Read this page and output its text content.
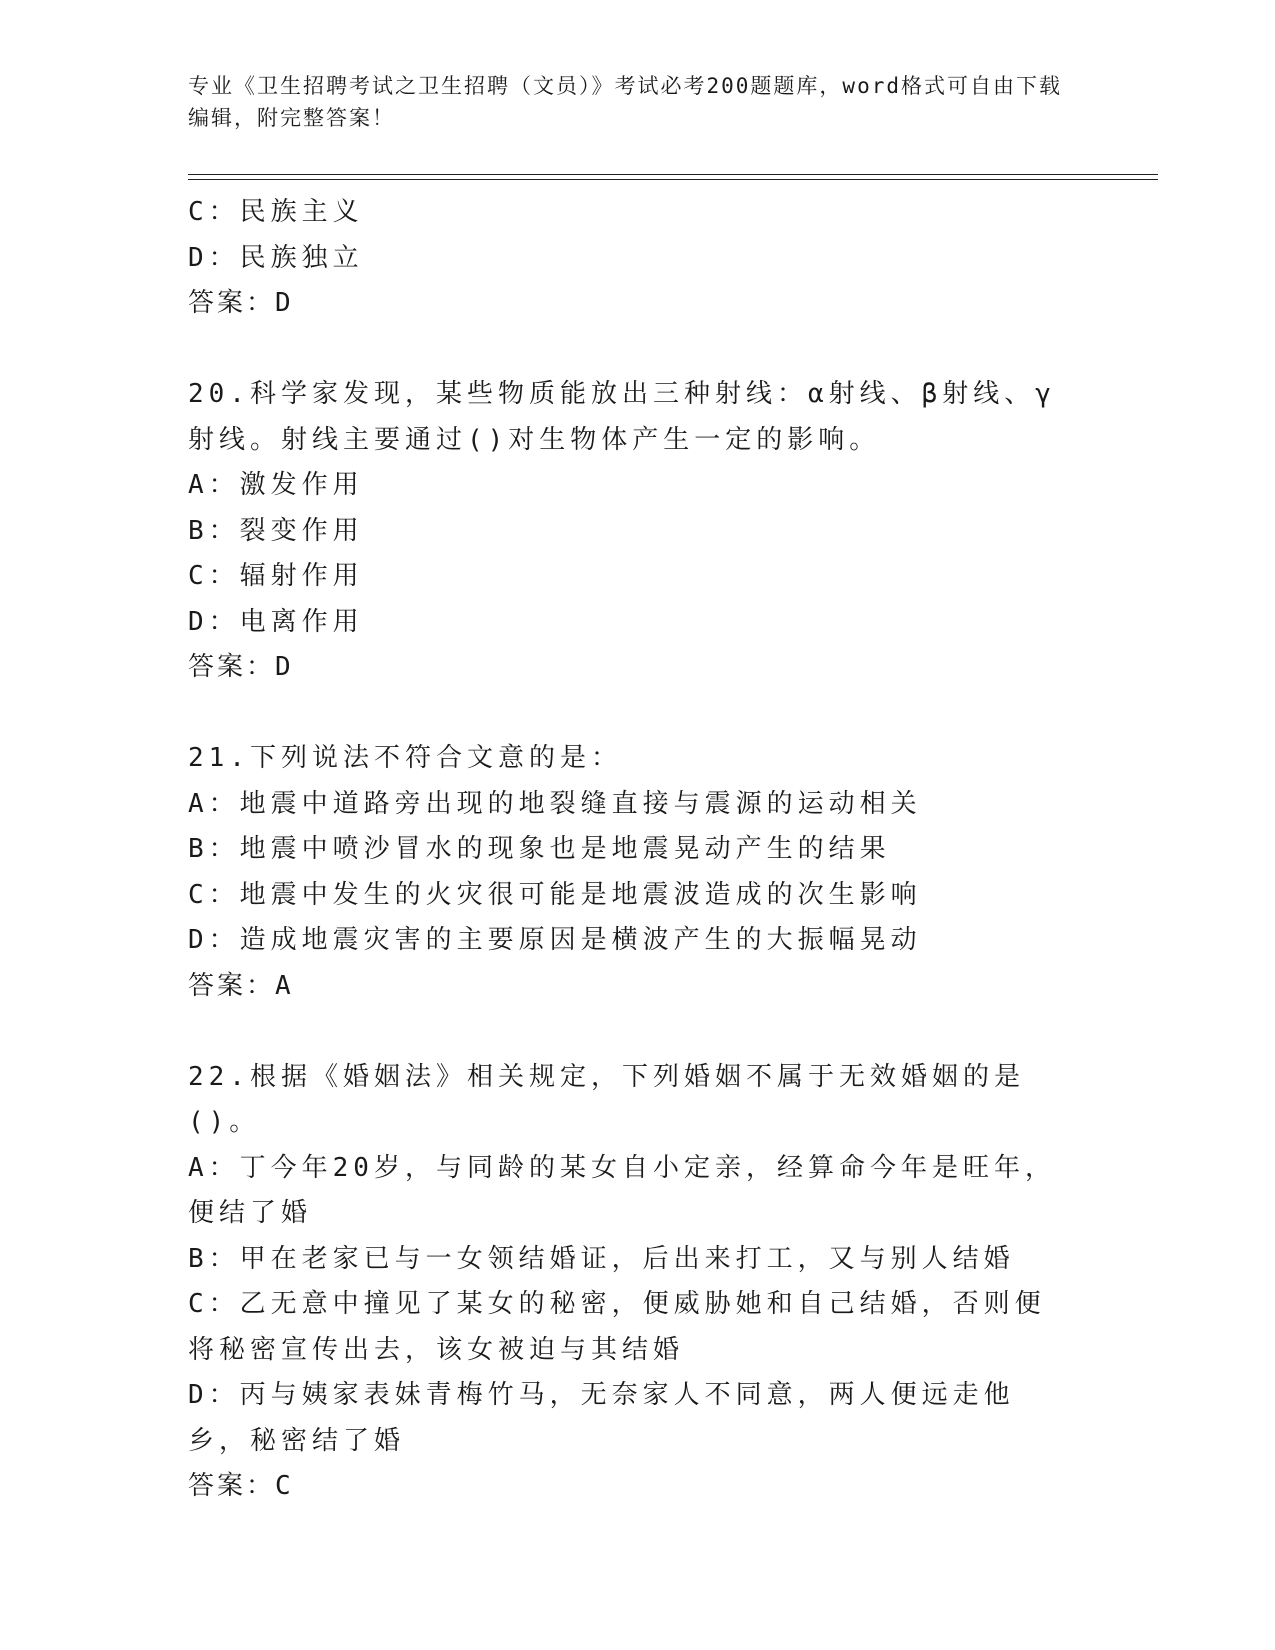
专业《卫生招聘考试之卫生招聘（文员）》考试必考200题题库，word格式可自由下载编辑，附完整答案！
C：民族主义
D：民族独立
答案：D
20.科学家发现，某些物质能放出三种射线：α射线、β射线、γ射线。射线主要通过()对生物体产生一定的影响。
A：激发作用
B：裂变作用
C：辐射作用
D：电离作用
答案：D
21.下列说法不符合文意的是：
A：地震中道路旁出现的地裂缝直接与震源的运动相关
B：地震中喷沙冒水的现象也是地震晃动产生的结果
C：地震中发生的火灾很可能是地震波造成的次生影响
D：造成地震灾害的主要原因是横波产生的大振幅晃动
答案：A
22.根据《婚姻法》相关规定，下列婚姻不属于无效婚姻的是()。
A：丁今年20岁，与同龄的某女自小定亲，经算命今年是旺年，便结了婚
B：甲在老家已与一女领结婚证，后出来打工，又与别人结婚
C：乙无意中撞见了某女的秘密，便威胁她和自己结婚，否则便将秘密宣传出去，该女被迫与其结婚
D：丙与姨家表妹青梅竹马，无奈家人不同意，两人便远走他乡，秘密结了婚
答案：C
